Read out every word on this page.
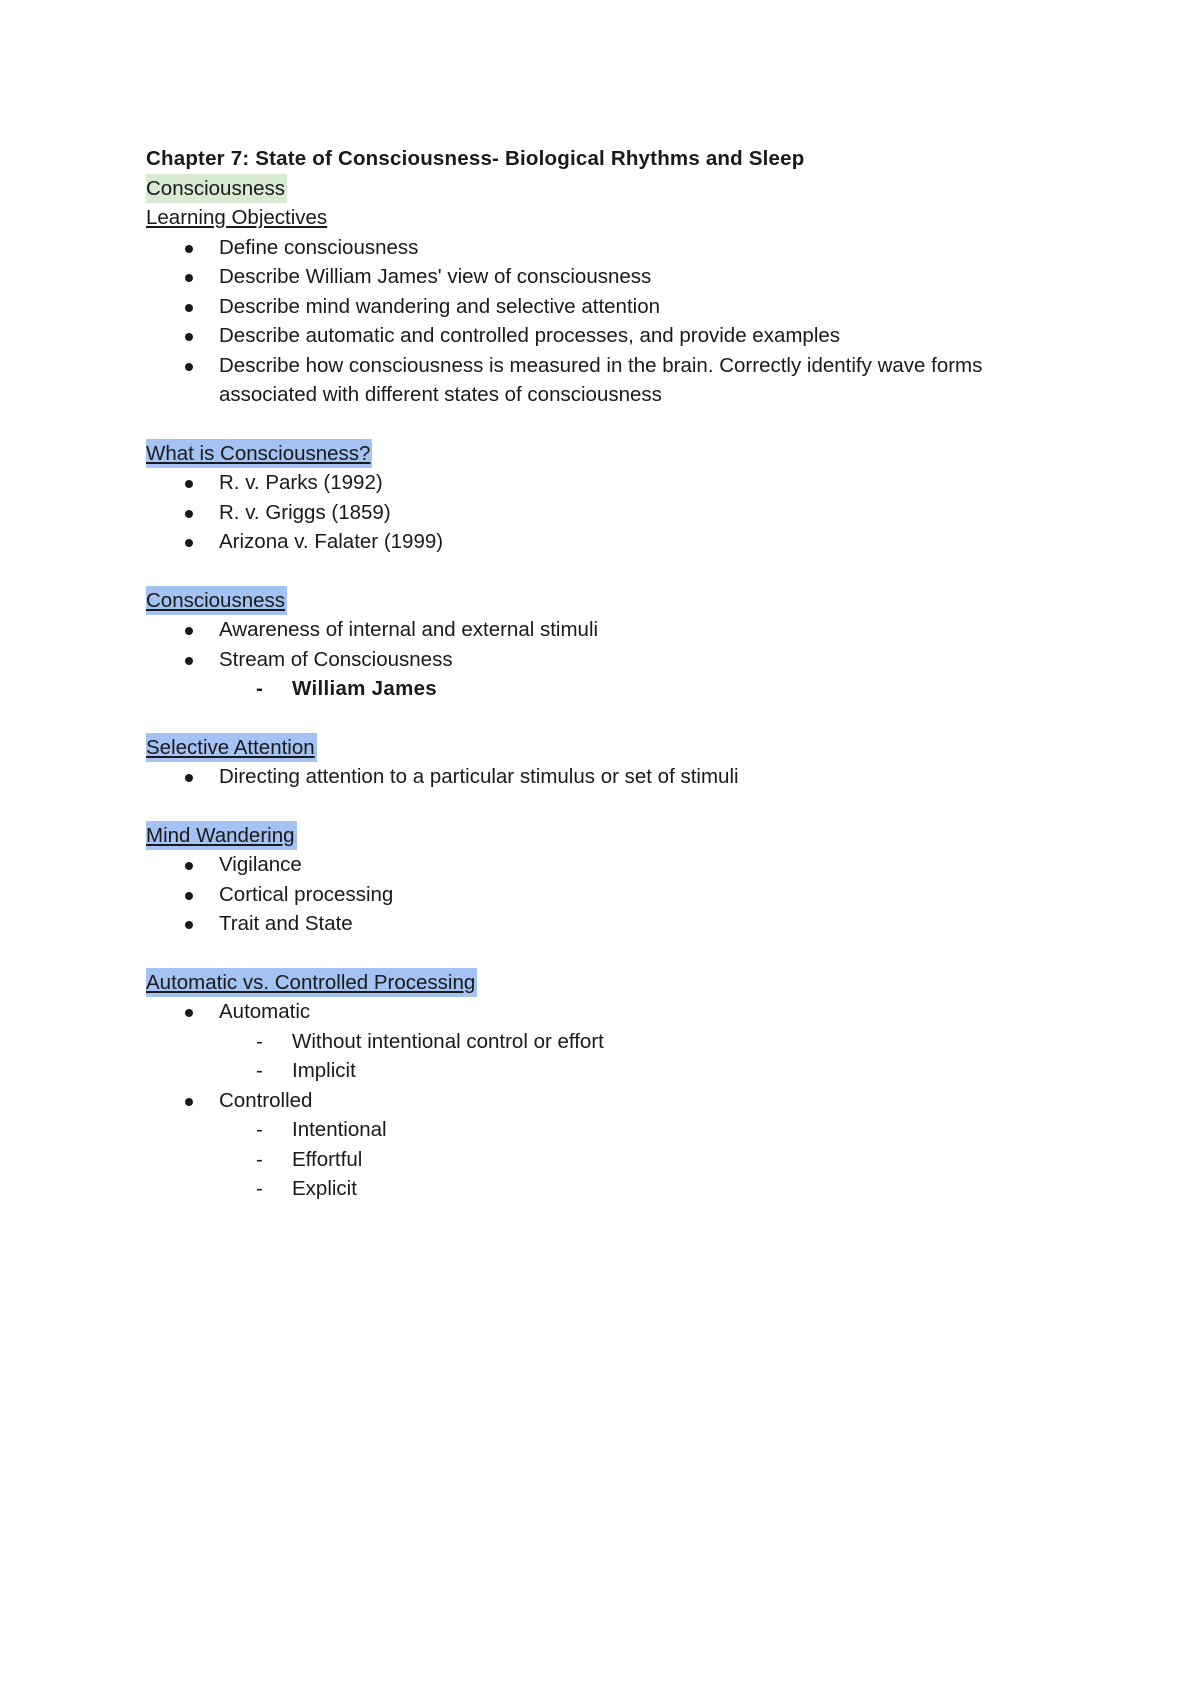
Chapter 7: State of Consciousness- Biological Rhythms and Sleep
Consciousness
Learning Objectives
Define consciousness
Describe William James' view of consciousness
Describe mind wandering and selective attention
Describe automatic and controlled processes, and provide examples
Describe how consciousness is measured in the brain. Correctly identify wave forms associated with different states of consciousness
What is Consciousness?
R. v. Parks (1992)
R. v. Griggs (1859)
Arizona v. Falater (1999)
Consciousness
Awareness of internal and external stimuli
Stream of Consciousness
- William James
Selective Attention
Directing attention to a particular stimulus or set of stimuli
Mind Wandering
Vigilance
Cortical processing
Trait and State
Automatic vs. Controlled Processing
Automatic
- Without intentional control or effort
- Implicit
Controlled
- Intentional
- Effortful
- Explicit
